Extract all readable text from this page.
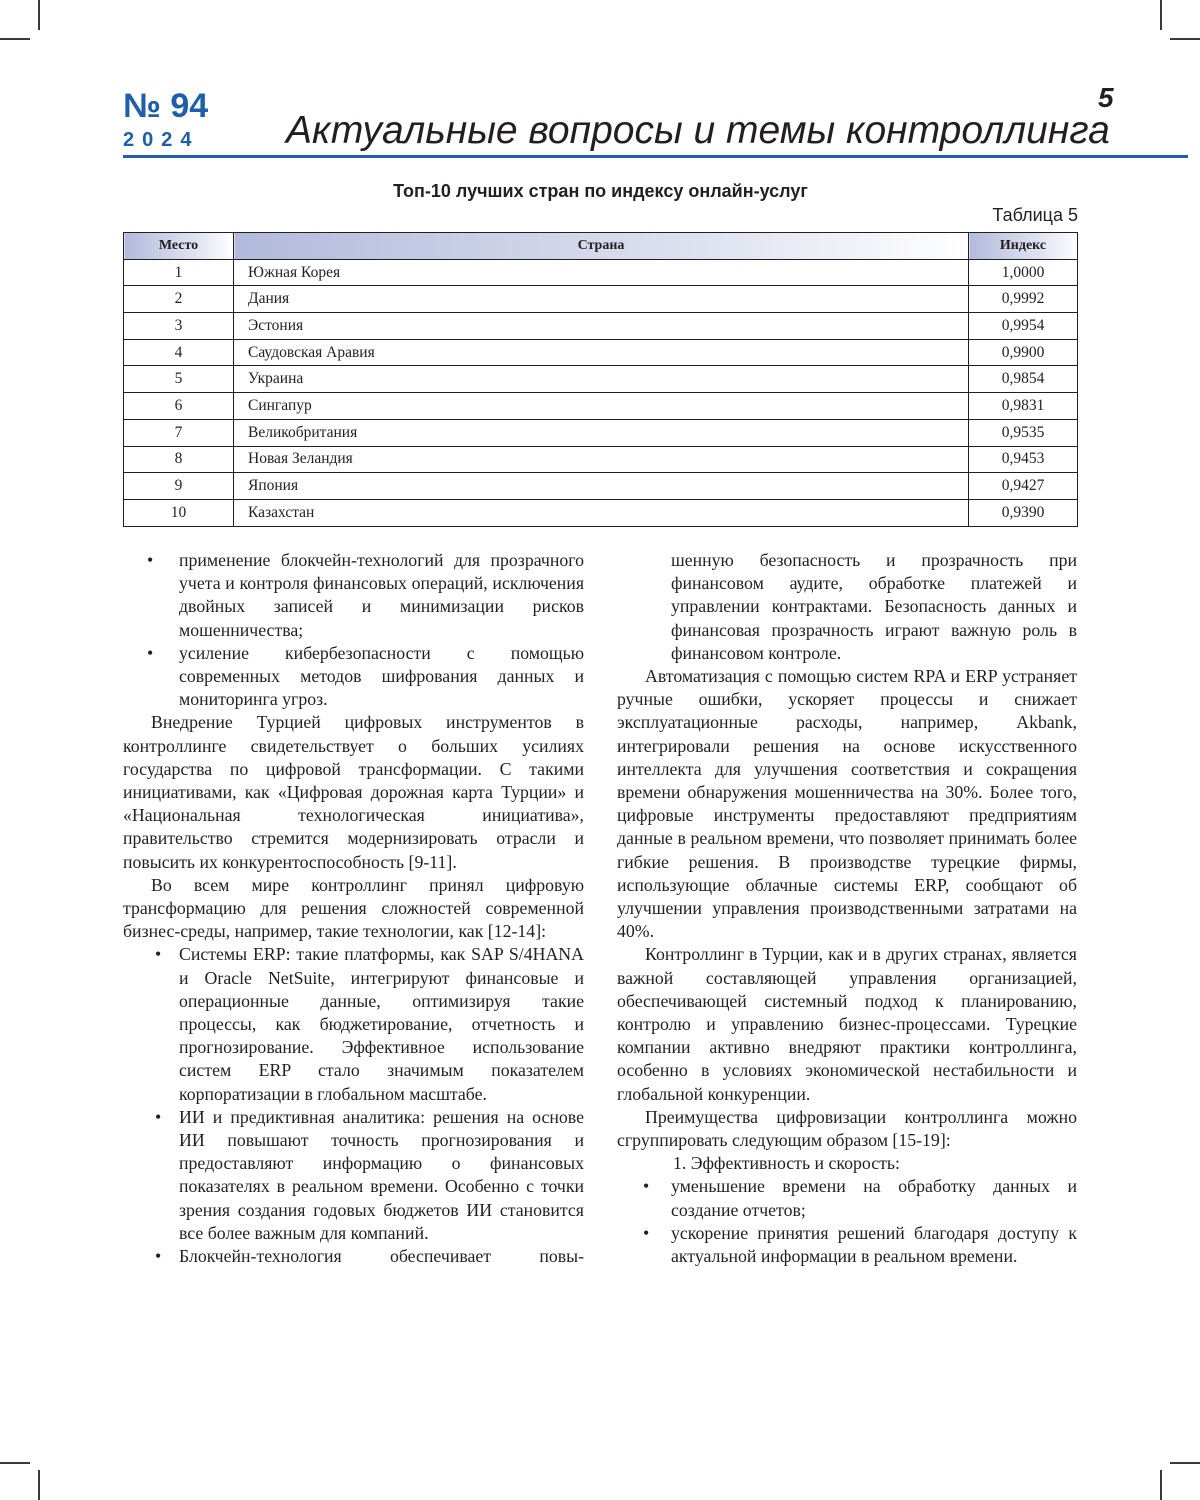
№ 94
2024 Актуальные вопросы и темы контроллинга
5
Топ-10 лучших стран по индексу онлайн-услуг
Таблица 5
Место	Страна	Индекс
1	Южная Корея	1,0000
2	Дания	0,9992
3	Эстония	0,9954
4	Саудовская Аравия	0,9900
5	Украина	0,9854
6	Сингапур	0,9831
7	Великобритания	0,9535
8	Новая Зеландия	0,9453
9	Япония	0,9427
10	Казахстан	0,9390
• применение блокчейн-технологий для прозрачного учета и контроля финансовых операций, исключения двойных записей и минимизации рисков мошенничества;
• усиление кибербезопасности с помощью современных методов шифрования данных и мониторинга угроз.

Внедрение Турцией цифровых инструментов в контроллинге свидетельствует о больших усилиях государства по цифровой трансформации. С такими инициативами, как «Цифровая дорожная карта Турции» и «Национальная технологическая инициатива», правительство стремится модернизировать отрасли и повысить их конкурентоспособность [9-11].

Во всем мире контроллинг принял цифровую трансформацию для решения сложностей современной бизнес-среды, например, такие технологии, как [12-14]:

• Системы ERP: такие платформы, как SAP S/4HANA и Oracle NetSuite, интегрируют финансовые и операционные данные, оптимизируя такие процессы, как бюджетирование, отчетность и прогнозирование. Эффективное использование систем ERP стало значимым показателем корпоратизации в глобальном масштабе.
• ИИ и предиктивная аналитика: решения на основе ИИ повышают точность прогнозирования и предоставляют информацию о финансовых показателях в реальном времени. Особенно с точки зрения создания годовых бюджетов ИИ становится все более важным для компаний.
• Блокчейн-технология обеспечивает повы-
шенную безопасность и прозрачность при финансовом аудите, обработке платежей и управлении контрактами. Безопасность данных и финансовая прозрачность играют важную роль в финансовом контроле.

Автоматизация с помощью систем RPA и ERP устраняет ручные ошибки, ускоряет процессы и снижает эксплуатационные расходы, например, Akbank, интегрировали решения на основе искусственного интеллекта для улучшения соответствия и сокращения времени обнаружения мошенничества на 30%. Более того, цифровые инструменты предоставляют предприятиям данные в реальном времени, что позволяет принимать более гибкие решения. В производстве турецкие фирмы, использующие облачные системы ERP, сообщают об улучшении управления производственными затратами на 40%.

Контроллинг в Турции, как и в других странах, является важной составляющей управления организацией, обеспечивающей системный подход к планированию, контролю и управлению бизнес-процессами. Турецкие компании активно внедряют практики контроллинга, особенно в условиях экономической нестабильности и глобальной конкуренции.

Преимущества цифровизации контроллинга можно сгруппировать следующим образом [15-19]:

1. Эффективность и скорость:

• уменьшение времени на обработку данных и создание отчетов;
• ускорение принятия решений благодаря доступу к актуальной информации в реальном времени.
